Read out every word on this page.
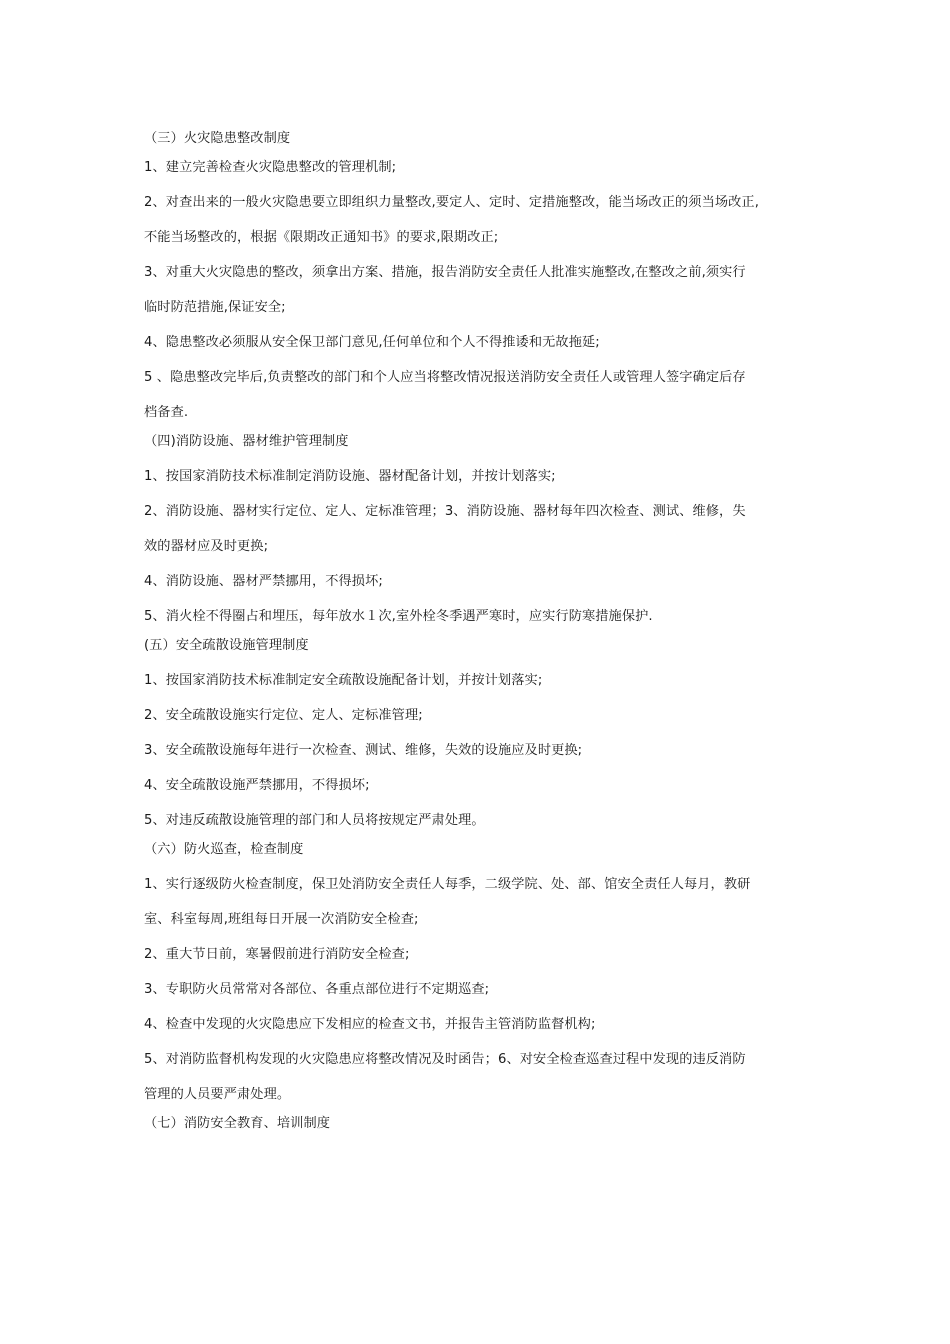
（三）火灾隐患整改制度

1、建立完善检查火灾隐患整改的管理机制;

2、对查出来的一般火灾隐患要立即组织力量整改,要定人、定时、定措施整改，能当场改正的须当场改正,

不能当场整改的，根据《限期改正通知书》的要求,限期改正;

3、对重大火灾隐患的整改，须拿出方案、措施，报告消防安全责任人批准实施整改,在整改之前,须实行

临时防范措施,保证安全;

4、隐患整改必须服从安全保卫部门意见,任何单位和个人不得推诿和无故拖延;

5 、隐患整改完毕后,负责整改的部门和个人应当将整改情况报送消防安全责任人或管理人签字确定后存

档备查.

（四)消防设施、器材维护管理制度

1、按国家消防技术标准制定消防设施、器材配备计划，并按计划落实;

2、消防设施、器材实行定位、定人、定标准管理；3、消防设施、器材每年四次检查、测试、维修，失

效的器材应及时更换;

4、消防设施、器材严禁挪用，不得损坏;

5、消火栓不得圈占和埋压，每年放水１次,室外栓冬季遇严寒时，应实行防寒措施保护.

(五）安全疏散设施管理制度

1、按国家消防技术标准制定安全疏散设施配备计划，并按计划落实;

2、安全疏散设施实行定位、定人、定标准管理;

3、安全疏散设施每年进行一次检查、测试、维修，失效的设施应及时更换;

4、安全疏散设施严禁挪用，不得损坏;

5、对违反疏散设施管理的部门和人员将按规定严肃处理。

（六）防火巡查，检查制度

1、实行逐级防火检查制度，保卫处消防安全责任人每季，二级学院、处、部、馆安全责任人每月，教研

室、科室每周,班组每日开展一次消防安全检查;

2、重大节日前，寒暑假前进行消防安全检查;

3、专职防火员常常对各部位、各重点部位进行不定期巡查;

4、检查中发现的火灾隐患应下发相应的检查文书，并报告主管消防监督机构;

5、对消防监督机构发现的火灾隐患应将整改情况及时函告；6、对安全检查巡查过程中发现的违反消防

管理的人员要严肃处理。

（七）消防安全教育、培训制度
